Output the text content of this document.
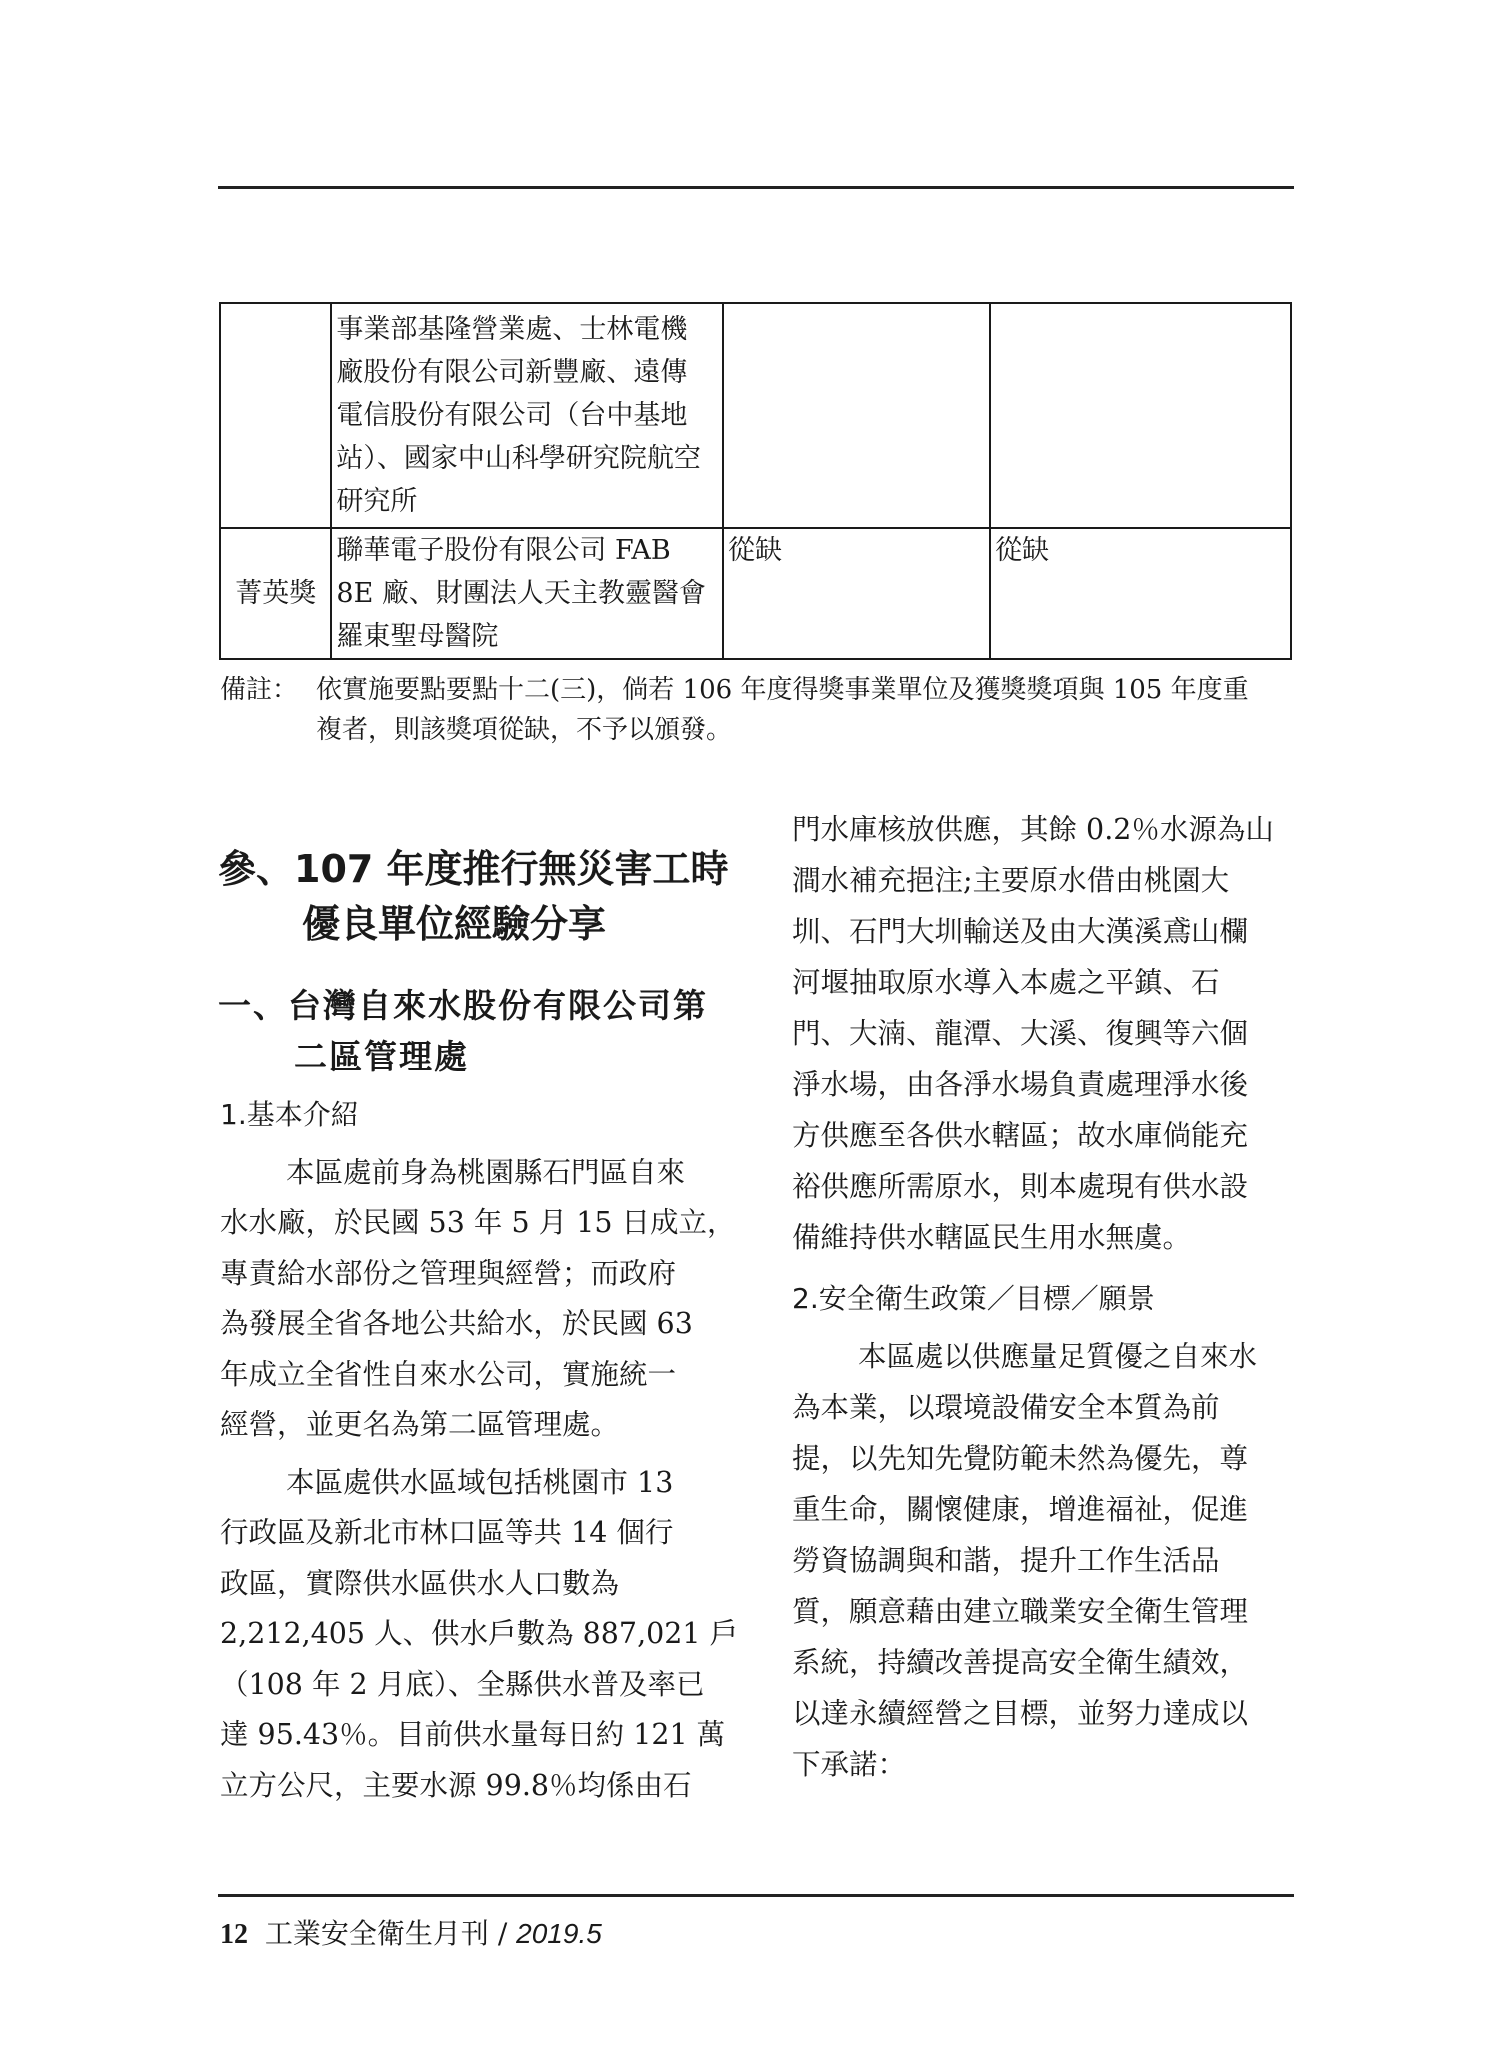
	事業部基隆營業處、士林電機
廠股份有限公司新豐廠、遠傳
電信股份有限公司（台中基地
站）、國家中山科學研究院航空
研究所		

菁英獎	聯華電子股份有限公司 FAB
8E 廠、財團法人天主教靈醫會
羅東聖母醫院	從缺	從缺
備註： 依實施要點要點十二(三)，倘若 106 年度得獎事業單位及獲獎獎項與 105 年度重
複者，則該獎項從缺，不予以頒發。
參、107 年度推行無災害工時
優良單位經驗分享
一、台灣自來水股份有限公司第
二區管理處
1.基本介紹
本區處前身為桃園縣石門區自來
水水廠，於民國 53 年 5 月 15 日成立，
專責給水部份之管理與經營；而政府
為發展全省各地公共給水，於民國 63
年成立全省性自來水公司，實施統一
經營，並更名為第二區管理處。
本區處供水區域包括桃園市 13
行政區及新北市林口區等共 14 個行
政區，實際供水區供水人口數為
2,212,405 人、供水戶數為 887,021 戶
（108 年 2 月底）、全縣供水普及率已
達 95.43％。目前供水量每日約 121 萬
立方公尺，主要水源 99.8％均係由石
門水庫核放供應，其餘 0.2％水源為山
澗水補充挹注;主要原水借由桃園大
圳、石門大圳輸送及由大漢溪鳶山欄
河堰抽取原水導入本處之平鎮、石
門、大湳、龍潭、大溪、復興等六個
淨水場，由各淨水場負責處理淨水後
方供應至各供水轄區；故水庫倘能充
裕供應所需原水，則本處現有供水設
備維持供水轄區民生用水無虞。
2.安全衛生政策／目標／願景
本區處以供應量足質優之自來水
為本業，以環境設備安全本質為前
提，以先知先覺防範未然為優先，尊
重生命，關懷健康，增進福祉，促進
勞資協調與和諧，提升工作生活品
質，願意藉由建立職業安全衛生管理
系統，持續改善提高安全衛生績效，
以達永續經營之目標，並努力達成以
下承諾：
12 工業安全衛生月刊 / 2019.5
